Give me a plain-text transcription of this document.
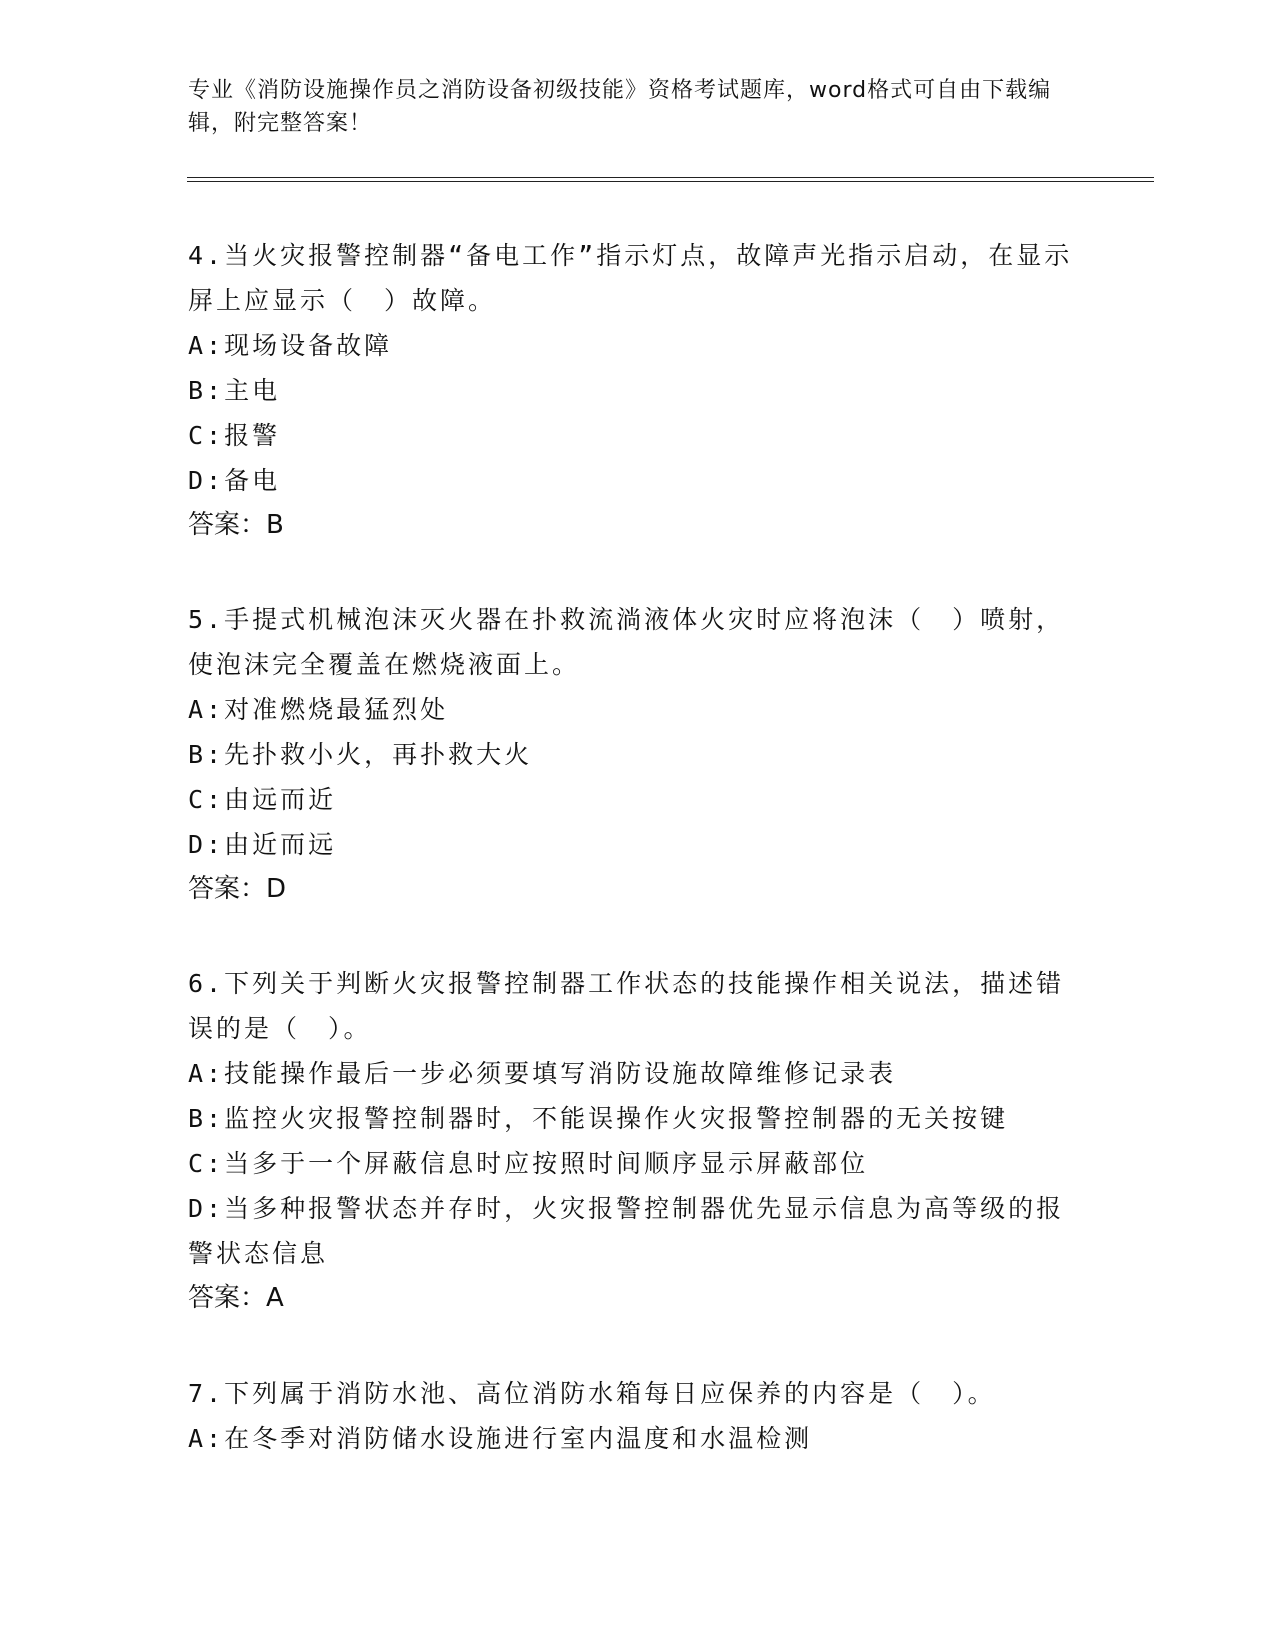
专业《消防设施操作员之消防设备初级技能》资格考试题库，word格式可自由下载编辑，附完整答案！

4.当火灾报警控制器“备电工作”指示灯点，故障声光指示启动，在显示屏上应显示（　）故障。

A:现场设备故障

B:主电

C:报警

D:备电

答案：B

5.手提式机械泡沫灭火器在扑救流淌液体火灾时应将泡沫（　）喷射，使泡沫完全覆盖在燃烧液面上。

A:对准燃烧最猛烈处

B:先扑救小火，再扑救大火

C:由远而近

D:由近而远

答案：D

6.下列关于判断火灾报警控制器工作状态的技能操作相关说法，描述错误的是（　）。

A:技能操作最后一步必须要填写消防设施故障维修记录表

B:监控火灾报警控制器时，不能误操作火灾报警控制器的无关按键

C:当多于一个屏蔽信息时应按照时间顺序显示屏蔽部位

D:当多种报警状态并存时，火灾报警控制器优先显示信息为高等级的报警状态信息

答案：A

7.下列属于消防水池、高位消防水箱每日应保养的内容是（　）。

A:在冬季对消防储水设施进行室内温度和水温检测
